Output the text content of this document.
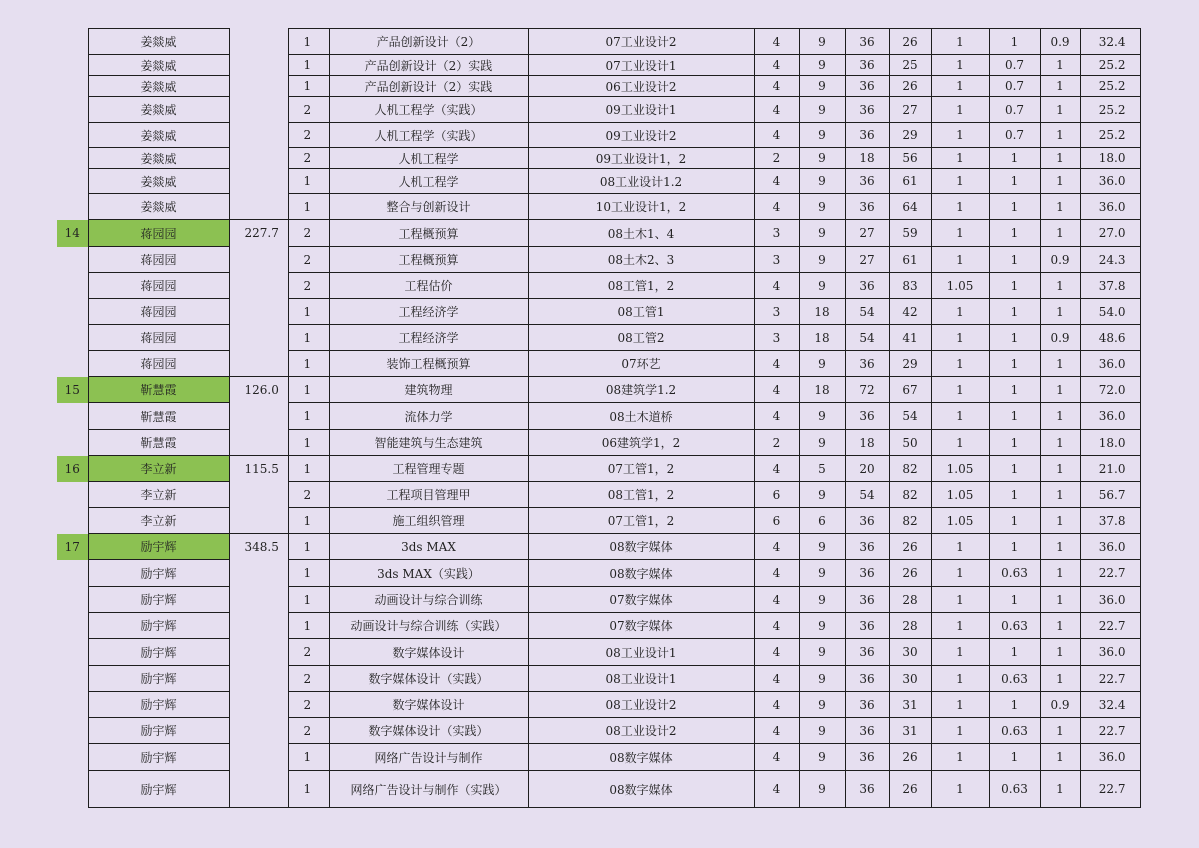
	姜燚威		1	产品创新设计（2）	07工业设计2	4	9	36	26	1	1	0.9	32.4
	姜燚威		1	产品创新设计（2）实践	07工业设计1	4	9	36	25	1	0.7	1	25.2
	姜燚威		1	产品创新设计（2）实践	06工业设计2	4	9	36	26	1	0.7	1	25.2
	姜燚威		2	人机工程学（实践）	09工业设计1	4	9	36	27	1	0.7	1	25.2
	姜燚威		2	人机工程学（实践）	09工业设计2	4	9	36	29	1	0.7	1	25.2
	姜燚威		2	人机工程学	09工业设计1，2	2	9	18	56	1	1	1	18.0
	姜燚威		1	人机工程学	08工业设计1.2	4	9	36	61	1	1	1	36.0
	姜燚威		1	整合与创新设计	10工业设计1，2	4	9	36	64	1	1	1	36.0
14	蒋园园	227.7	2	工程概预算	08土木1、4	3	9	27	59	1	1	1	27.0
	蒋园园		2	工程概预算	08土木2、3	3	9	27	61	1	1	0.9	24.3
	蒋园园		2	工程估价	08工管1，2	4	9	36	83	1.05	1	1	37.8
	蒋园园		1	工程经济学	08工管1	3	18	54	42	1	1	1	54.0
	蒋园园		1	工程经济学	08工管2	3	18	54	41	1	1	0.9	48.6
	蒋园园		1	装饰工程概预算	07环艺	4	9	36	29	1	1	1	36.0
15	靳慧霞	126.0	1	建筑物理	08建筑学1.2	4	18	72	67	1	1	1	72.0
	靳慧霞		1	流体力学	08土木道桥	4	9	36	54	1	1	1	36.0
	靳慧霞		1	智能建筑与生态建筑	06建筑学1，2	2	9	18	50	1	1	1	18.0
16	李立新	115.5	1	工程管理专题	07工管1，2	4	5	20	82	1.05	1	1	21.0
	李立新		2	工程项目管理甲	08工管1，2	6	9	54	82	1.05	1	1	56.7
	李立新		1	施工组织管理	07工管1，2	6	6	36	82	1.05	1	1	37.8
17	励宇辉	348.5	1	3ds MAX	08数字媒体	4	9	36	26	1	1	1	36.0
	励宇辉		1	3ds MAX（实践）	08数字媒体	4	9	36	26	1	0.63	1	22.7
	励宇辉		1	动画设计与综合训练	07数字媒体	4	9	36	28	1	1	1	36.0
	励宇辉		1	动画设计与综合训练（实践）	07数字媒体	4	9	36	28	1	0.63	1	22.7
	励宇辉		2	数字媒体设计	08工业设计1	4	9	36	30	1	1	1	36.0
	励宇辉		2	数字媒体设计（实践）	08工业设计1	4	9	36	30	1	0.63	1	22.7
	励宇辉		2	数字媒体设计	08工业设计2	4	9	36	31	1	1	0.9	32.4
	励宇辉		2	数字媒体设计（实践）	08工业设计2	4	9	36	31	1	0.63	1	22.7
	励宇辉		1	网络广告设计与制作	08数字媒体	4	9	36	26	1	1	1	36.0
	励宇辉		1	网络广告设计与制作（实践）	08数字媒体	4	9	36	26	1	0.63	1	22.7
